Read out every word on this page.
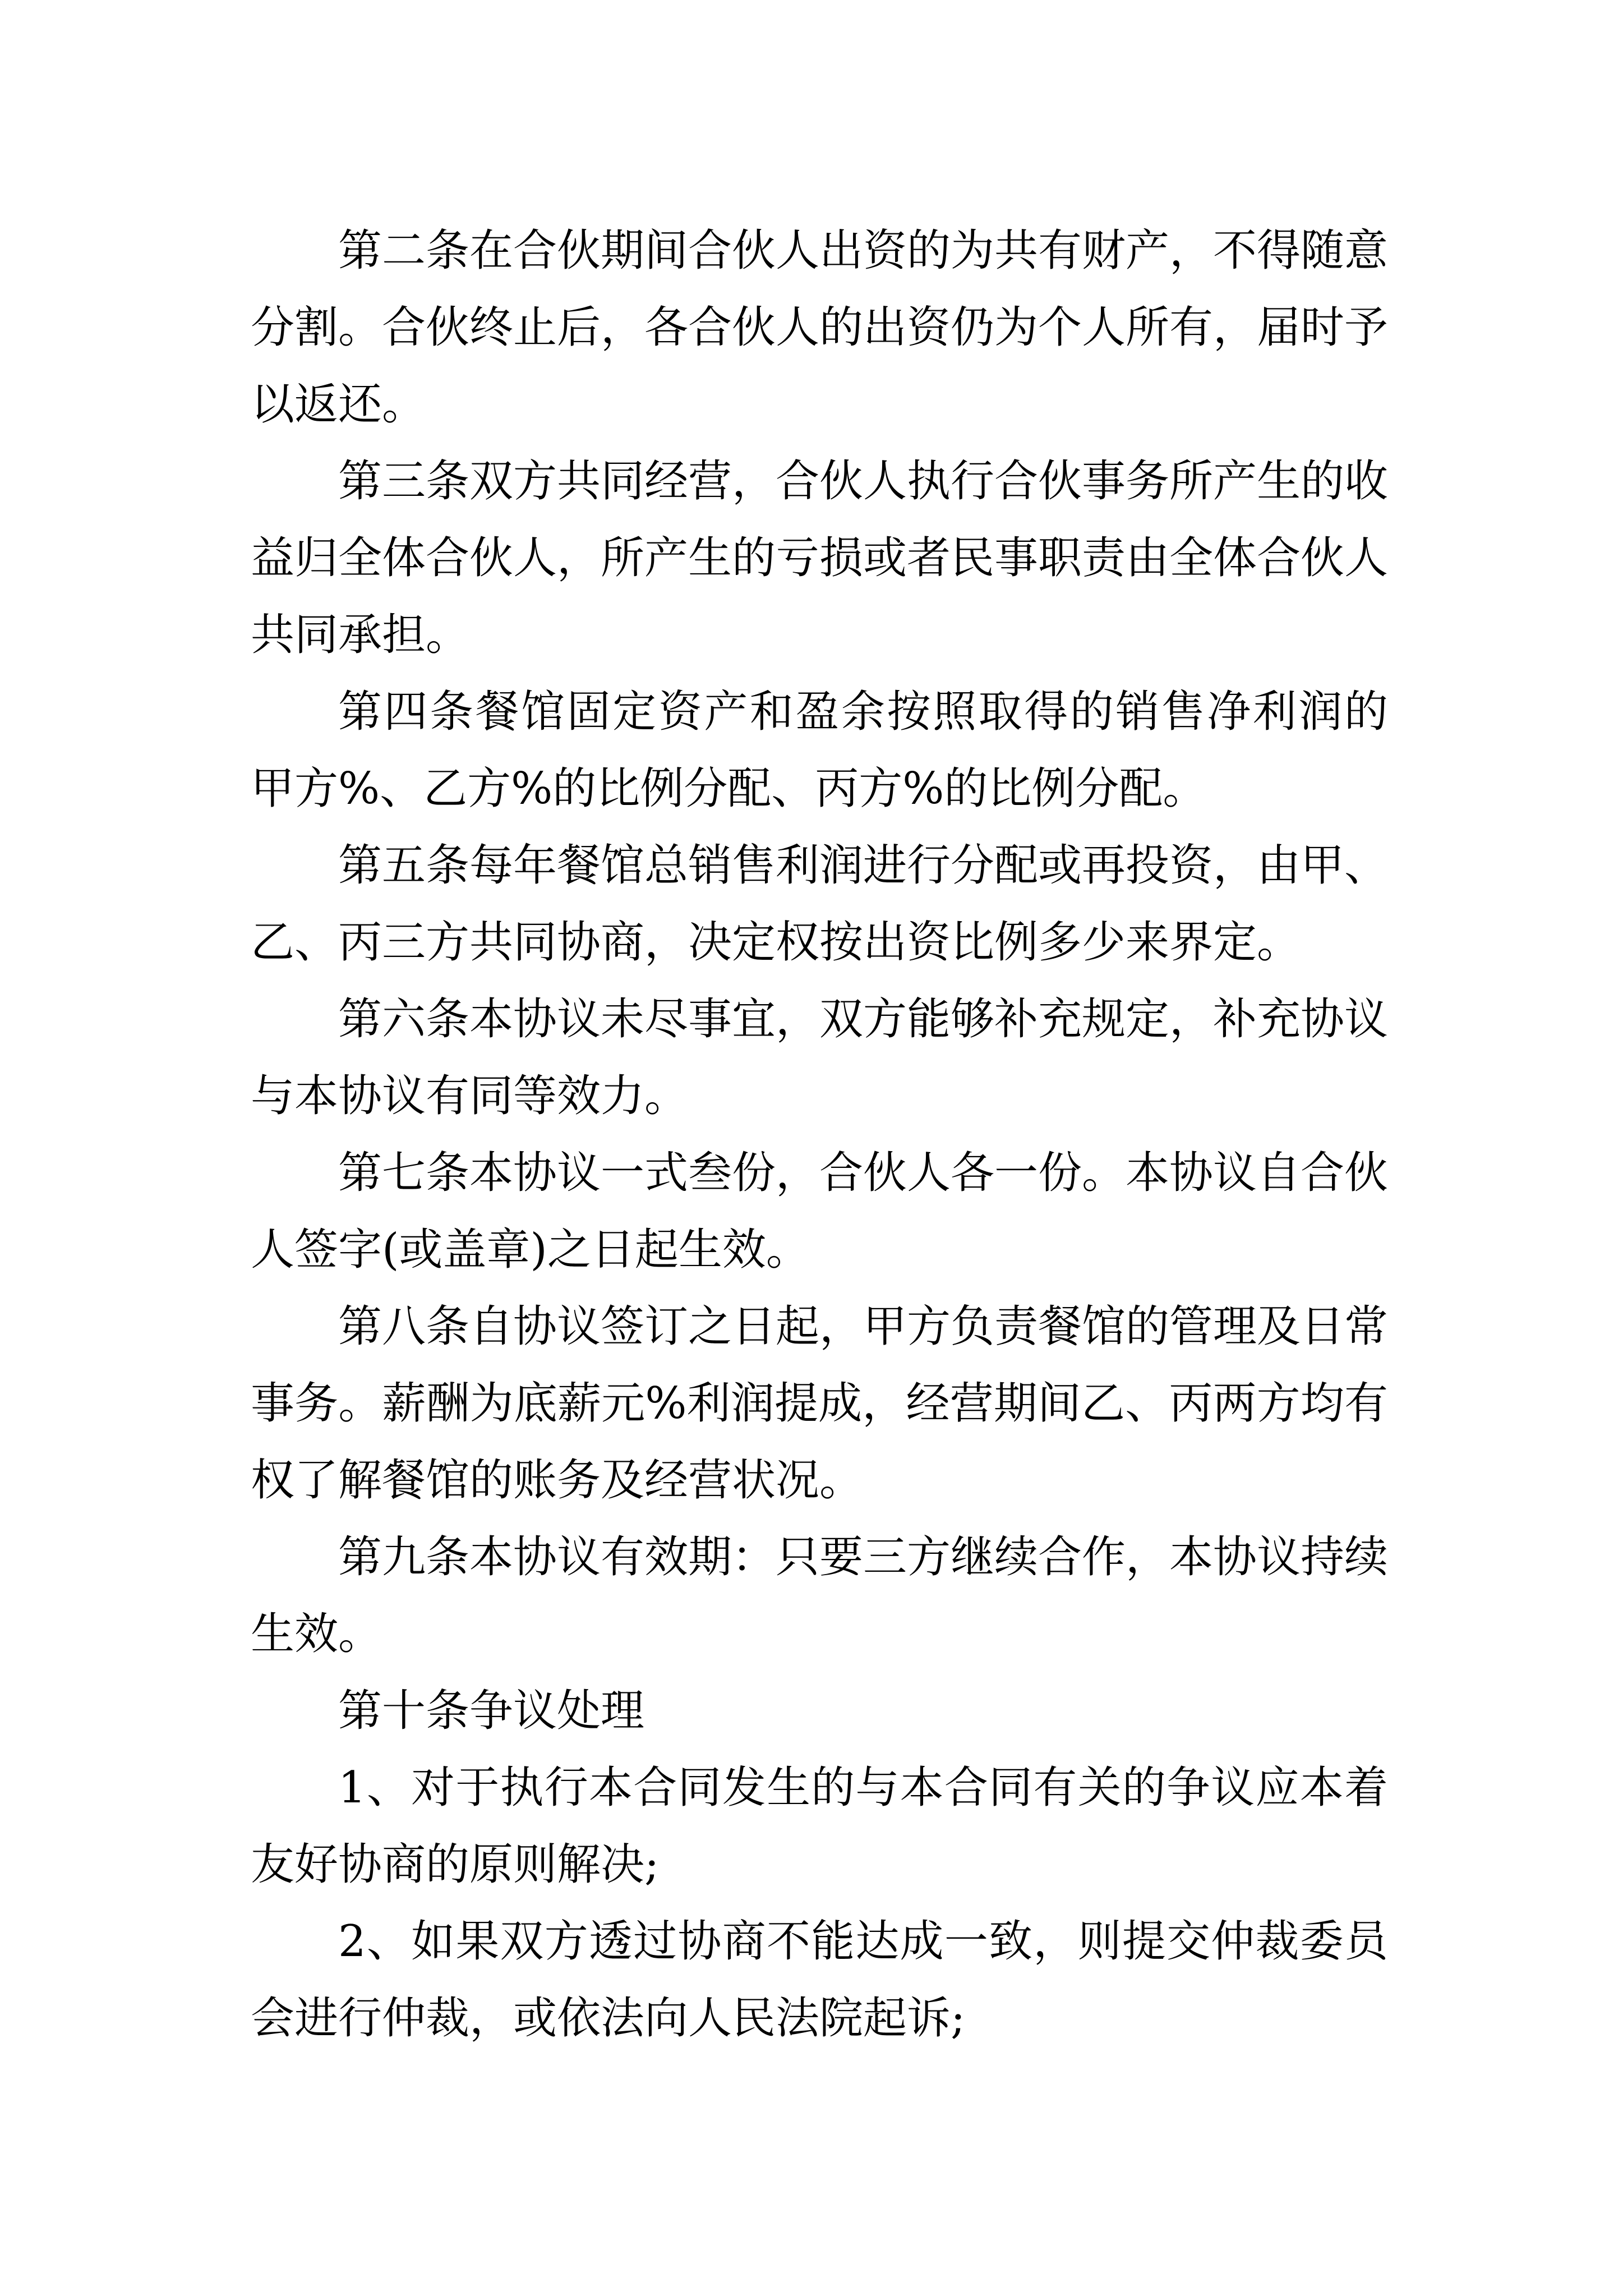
第二条在合伙期间合伙人出资的为共有财产，不得随意
分割。合伙终止后，各合伙人的出资仍为个人所有，届时予
以返还。
第三条双方共同经营，合伙人执行合伙事务所产生的收
益归全体合伙人，所产生的亏损或者民事职责由全体合伙人
共同承担。
第四条餐馆固定资产和盈余按照取得的销售净利润的
甲方%、乙方%的比例分配、丙方%的比例分配。
第五条每年餐馆总销售利润进行分配或再投资，由甲、
乙、丙三方共同协商，决定权按出资比例多少来界定。
第六条本协议未尽事宜，双方能够补充规定，补充协议
与本协议有同等效力。
第七条本协议一式叁份，合伙人各一份。本协议自合伙
人签字(或盖章)之日起生效。
第八条自协议签订之日起，甲方负责餐馆的管理及日常
事务。薪酬为底薪元%利润提成，经营期间乙、丙两方均有
权了解餐馆的账务及经营状况。
第九条本协议有效期：只要三方继续合作，本协议持续
生效。
第十条争议处理
1、对于执行本合同发生的与本合同有关的争议应本着
友好协商的原则解决;
2、如果双方透过协商不能达成一致，则提交仲裁委员
会进行仲裁，或依法向人民法院起诉;
